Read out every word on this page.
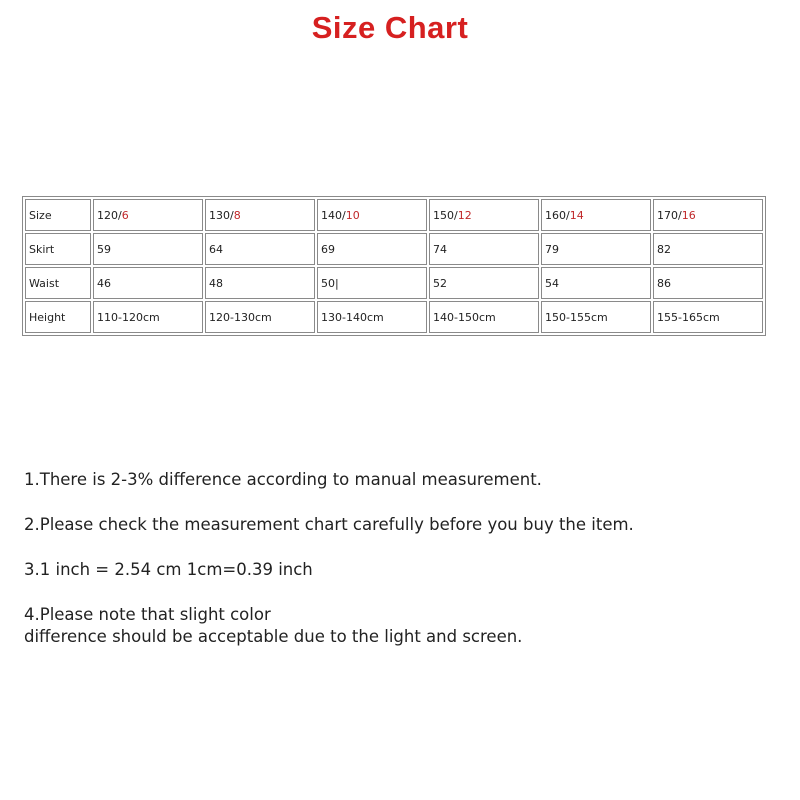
Size Chart
Size	120/6	130/8	140/10	150/12	160/14	170/16
Skirt	59	64	69	74	79	82
Waist	46	48	50|	52	54	86
Height	110-120cm	120-130cm	130-140cm	140-150cm	150-155cm	155-165cm
1.There is 2-3% difference according to manual measurement.
2.Please check the measurement chart carefully before you buy the item.
3.1 inch = 2.54 cm 1cm=0.39 inch
4.Please note that slight color
difference should be acceptable due to the light and screen.
